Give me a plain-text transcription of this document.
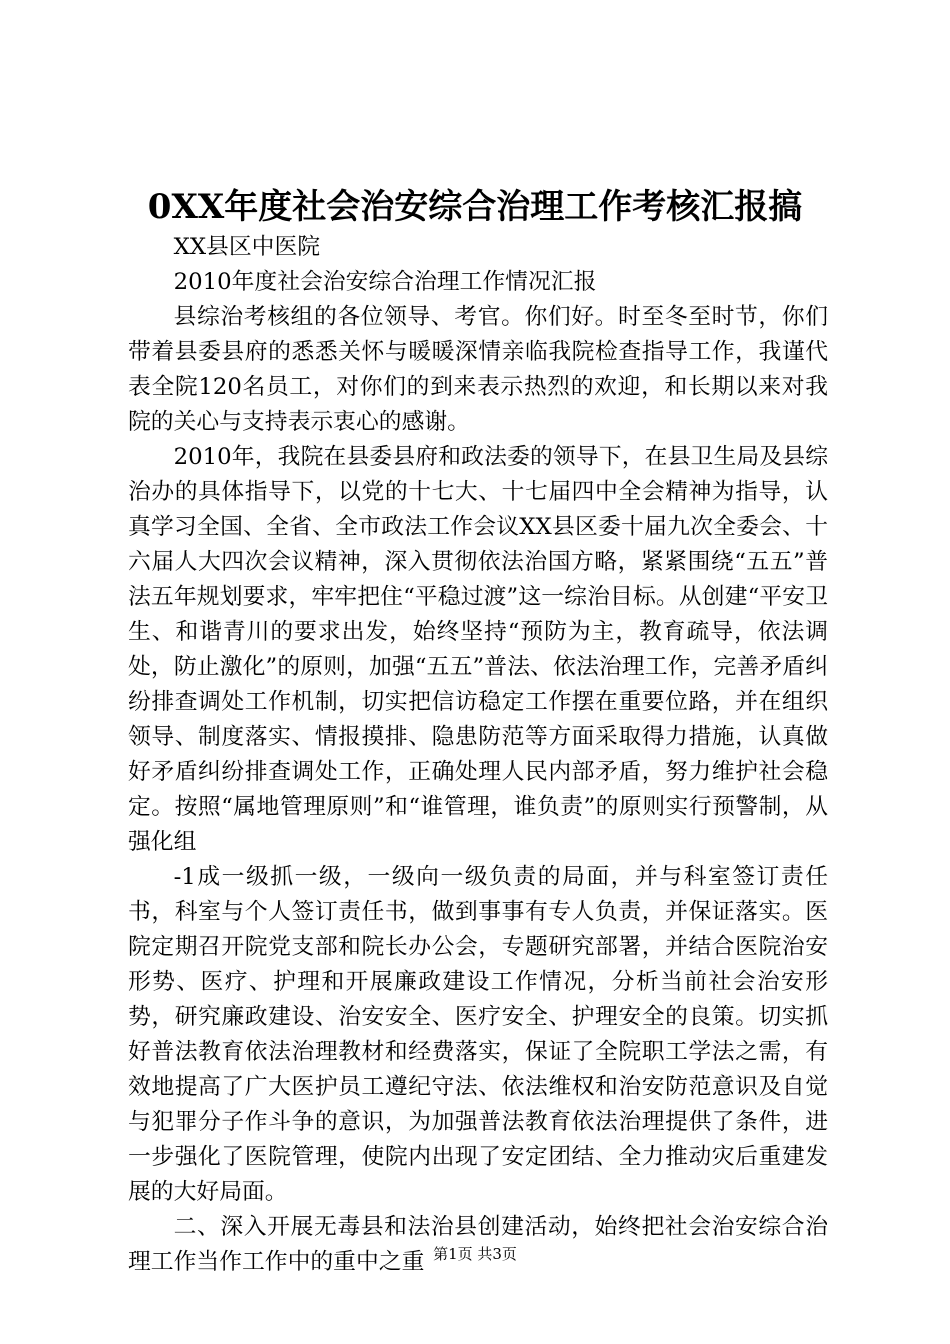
0XX年度社会治安综合治理工作考核汇报搞

XX县区中医院

2010年度社会治安综合治理工作情况汇报

县综治考核组的各位领导、考官。你们好。时至冬至时节，你们带着县委县府的悉悉关怀与暖暖深情亲临我院检查指导工作，我谨代表全院120名员工，对你们的到来表示热烈的欢迎，和长期以来对我院的关心与支持表示衷心的感谢。

2010年，我院在县委县府和政法委的领导下，在县卫生局及县综治办的具体指导下，以党的十七大、十七届四中全会精神为指导，认真学习全国、全省、全市政法工作会议XX县区委十届九次全委会、十六届人大四次会议精神，深入贯彻依法治国方略，紧紧围绕“五五”普法五年规划要求，牢牢把住“平稳过渡”这一综治目标。从创建“平安卫生、和谐青川的要求出发，始终坚持“预防为主，教育疏导，依法调处，防止激化”的原则，加强“五五”普法、依法治理工作，完善矛盾纠纷排查调处工作机制，切实把信访稳定工作摆在重要位路，并在组织领导、制度落实、情报摸排、隐患防范等方面采取得力措施，认真做好矛盾纠纷排查调处工作，正确处理人民内部矛盾，努力维护社会稳定。按照“属地管理原则”和“谁管理，谁负责”的原则实行预警制，从强化组

-1成一级抓一级，一级向一级负责的局面，并与科室签订责任书，科室与个人签订责任书，做到事事有专人负责，并保证落实。医院定期召开院党支部和院长办公会，专题研究部署，并结合医院治安形势、医疗、护理和开展廉政建设工作情况，分析当前社会治安形势，研究廉政建设、治安安全、医疗安全、护理安全的良策。切实抓好普法教育依法治理教材和经费落实，保证了全院职工学法之需，有效地提高了广大医护员工遵纪守法、依法维权和治安防范意识及自觉与犯罪分子作斗争的意识，为加强普法教育依法治理提供了条件，进一步强化了医院管理，使院内出现了安定团结、全力推动灾后重建发展的大好局面。

二、深入开展无毒县和法治县创建活动，始终把社会治安综合治理工作当作工作中的重中之重 第1页 共3页
